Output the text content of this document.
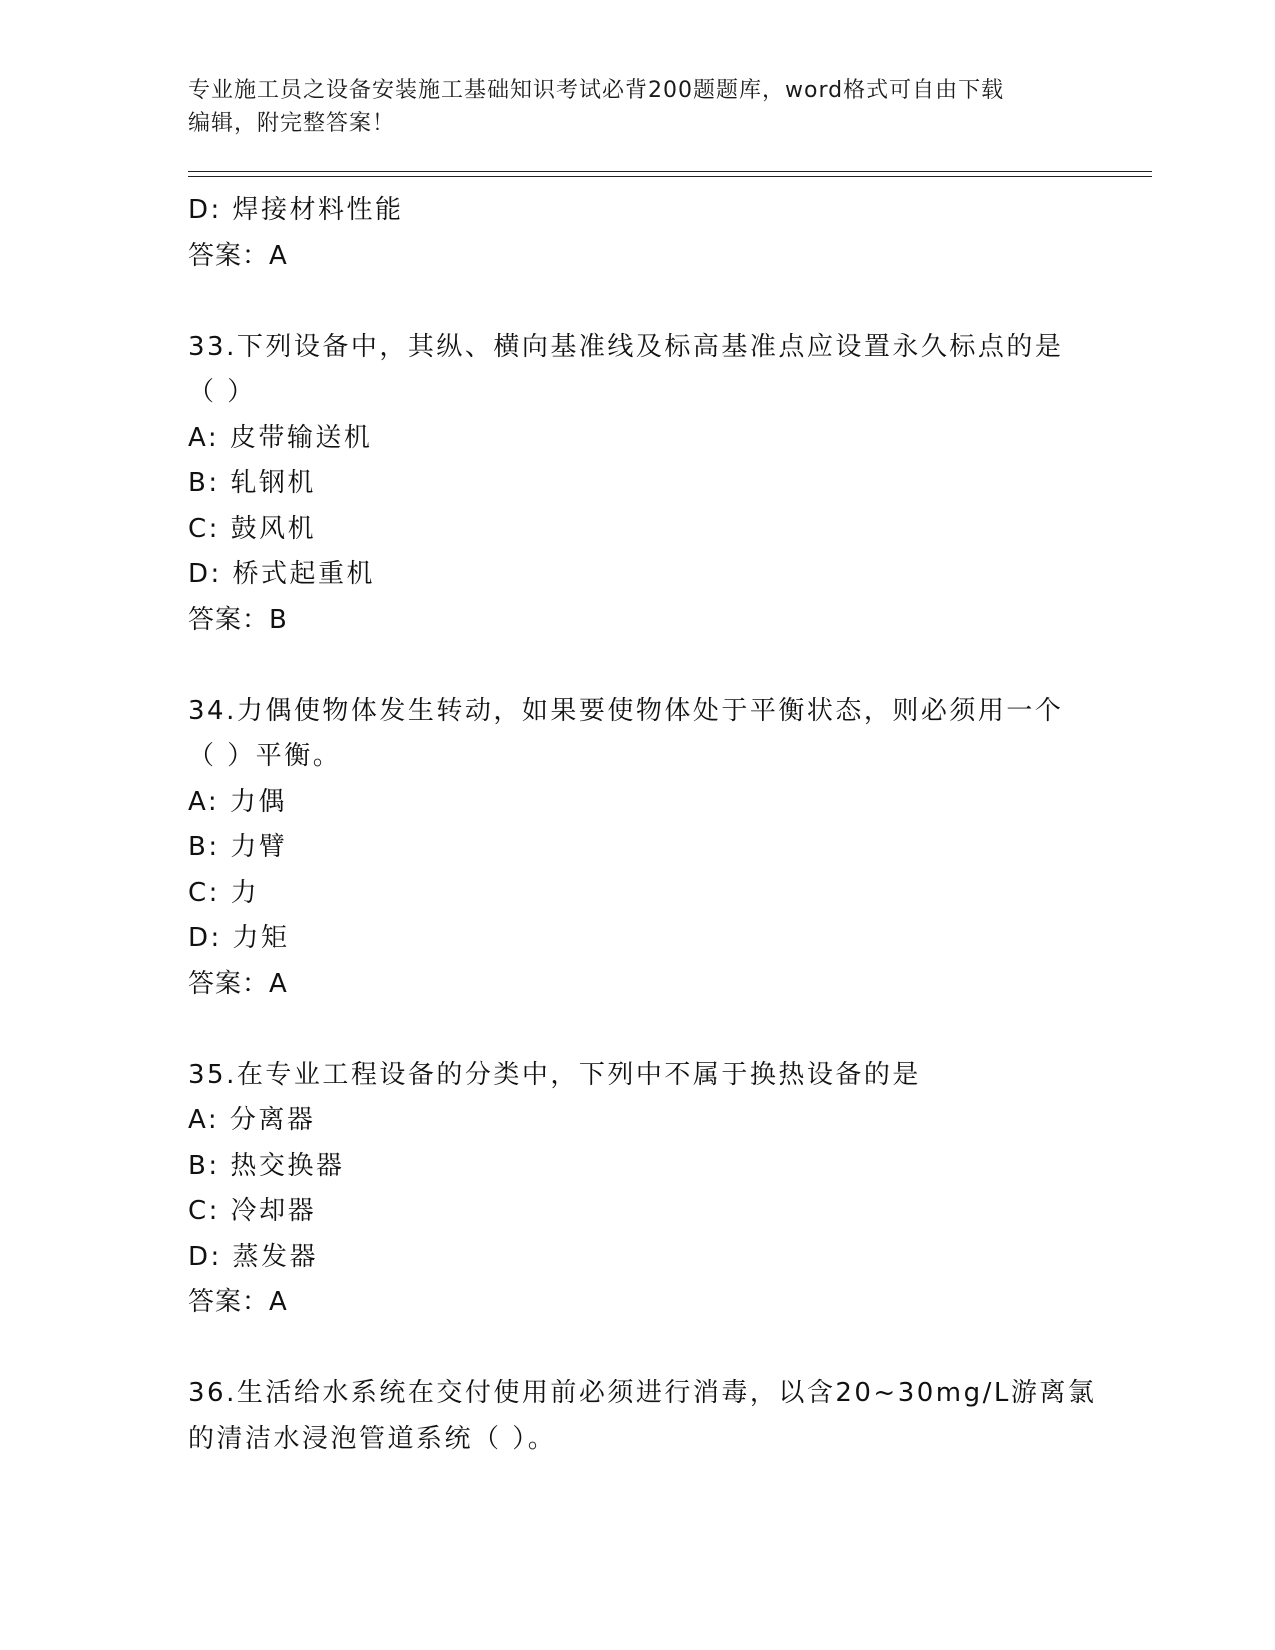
专业施工员之设备安装施工基础知识考试必背200题题库，word格式可自由下载
编辑，附完整答案！
D: 焊接材料性能
答案：A
33.下列设备中，其纵、横向基准线及标高基准点应设置永久标点的是
（ ）
A: 皮带输送机
B: 轧钢机
C: 鼓风机
D: 桥式起重机
答案：B
34.力偶使物体发生转动，如果要使物体处于平衡状态，则必须用一个
（ ）平衡。
A: 力偶
B: 力臂
C: 力
D: 力矩
答案：A
35.在专业工程设备的分类中，下列中不属于换热设备的是
A: 分离器
B: 热交换器
C: 冷却器
D: 蒸发器
答案：A
36.生活给水系统在交付使用前必须进行消毒，以含20~30mg/L游离氯
的清洁水浸泡管道系统（ ）。
